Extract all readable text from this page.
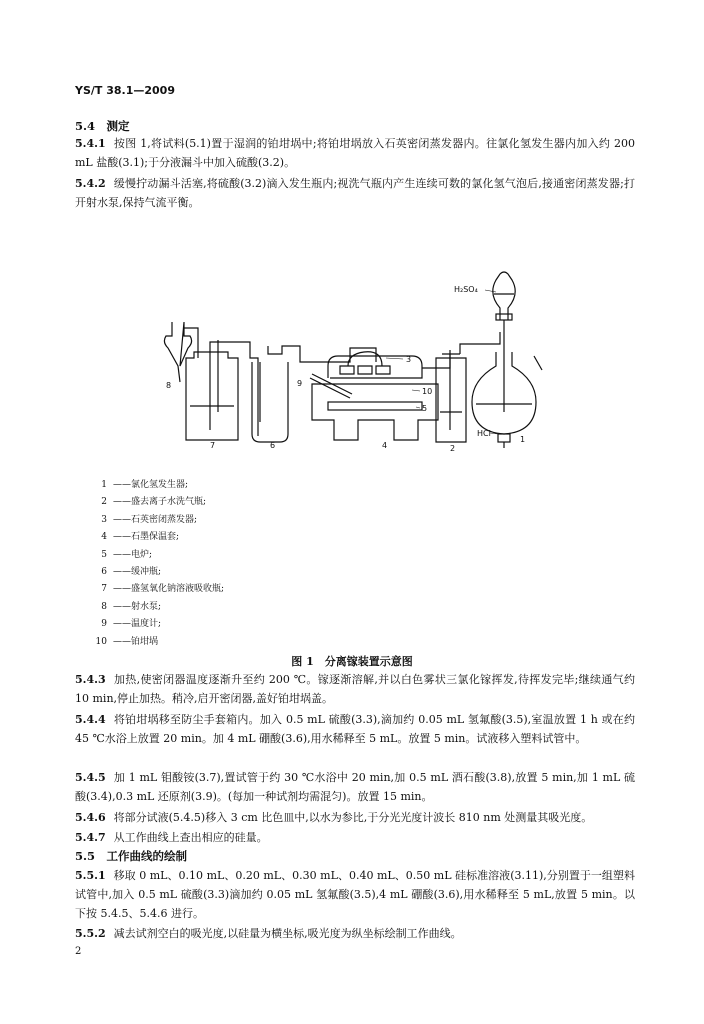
YS/T 38.1—2009
5.4　测定
5.4.1 按图 1,将试料(5.1)置于湿润的铂坩埚中;将铂坩埚放入石英密闭蒸发器内。往氯化氢发生器内加入约 200 mL 盐酸(3.1);于分液漏斗中加入硫酸(3.2)。
5.4.2 缓慢拧动漏斗活塞,将硫酸(3.2)滴入发生瓶内;视洗气瓶内产生连续可数的氯化氢气泡后,接通密闭蒸发器;打开射水泵,保持气流平衡。
H₂SO₄
HCl
1
2
3
4
5
6
7
8	9
10
1 ——氯化氢发生器;
2 ——盛去离子水洗气瓶;
3 ——石英密闭蒸发器;
4 ——石墨保温套;
5 ——电炉;
6 ——缓冲瓶;
7 ——盛氢氧化钠溶液吸收瓶;
8 ——射水泵;
9 ——温度计;
10 ——铂坩埚
图 1　分离镓装置示意图
5.4.3 加热,使密闭器温度逐渐升至约 200 ℃。镓逐渐溶解,并以白色雾状三氯化镓挥发,待挥发完毕;继续通气约 10 min,停止加热。稍冷,启开密闭器,盖好铂坩埚盖。
5.4.4 将铂坩埚移至防尘手套箱内。加入 0.5 mL 硫酸(3.3),滴加约 0.05 mL 氢氟酸(3.5),室温放置 1 h 或在约 45 ℃水浴上放置 20 min。加 4 mL 硼酸(3.6),用水稀释至 5 mL。放置 5 min。试液移入塑料试管中。
5.4.5 加 1 mL 钼酸铵(3.7),置试管于约 30 ℃水浴中 20 min,加 0.5 mL 酒石酸(3.8),放置 5 min,加 1 mL 硫酸(3.4),0.3 mL 还原剂(3.9)。(每加一种试剂均需混匀)。放置 15 min。
5.4.6 将部分试液(5.4.5)移入 3 cm 比色皿中,以水为参比,于分光光度计波长 810 nm 处测量其吸光度。
5.4.7 从工作曲线上查出相应的硅量。
5.5　工作曲线的绘制
5.5.1 移取 0 mL、0.10 mL、0.20 mL、0.30 mL、0.40 mL、0.50 mL 硅标准溶液(3.11),分别置于一组塑料试管中,加入 0.5 mL 硫酸(3.3)滴加约 0.05 mL 氢氟酸(3.5),4 mL 硼酸(3.6),用水稀释至 5 mL,放置 5 min。以下按 5.4.5、5.4.6 进行。
5.5.2 减去试剂空白的吸光度,以硅量为横坐标,吸光度为纵坐标绘制工作曲线。
2
